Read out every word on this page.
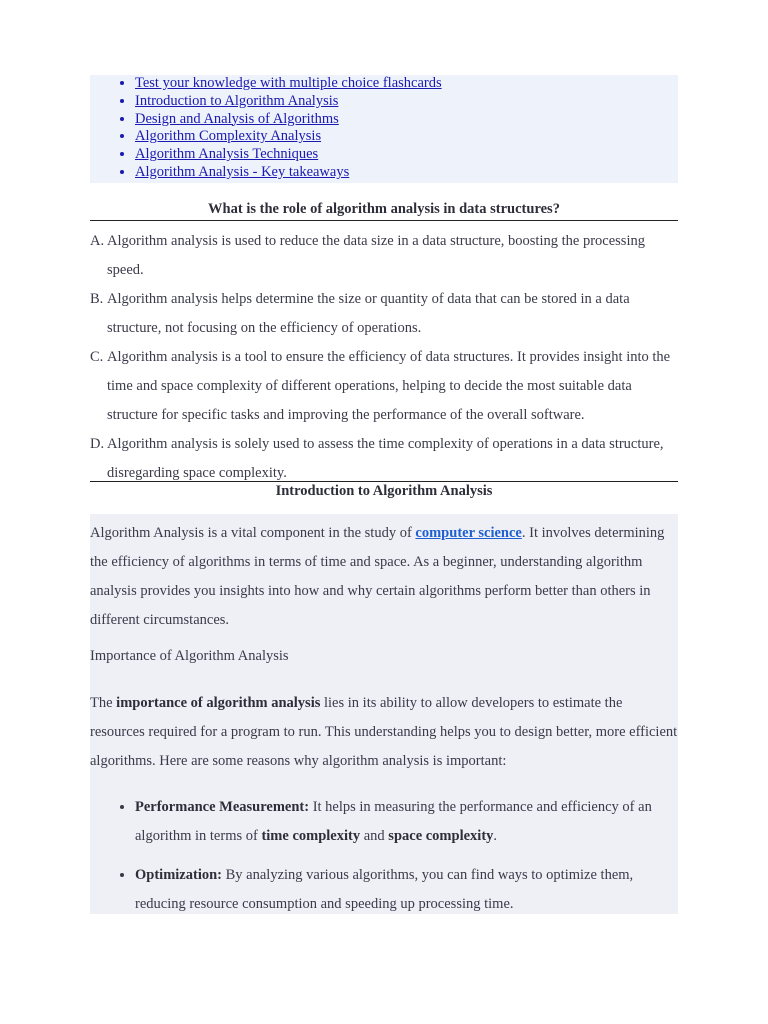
• Test your knowledge with multiple choice flashcards
• Introduction to Algorithm Analysis
• Design and Analysis of Algorithms
• Algorithm Complexity Analysis
• Algorithm Analysis Techniques
• Algorithm Analysis - Key takeaways
What is the role of algorithm analysis in data structures?
A. Algorithm analysis is used to reduce the data size in a data structure, boosting the processing speed.
B. Algorithm analysis helps determine the size or quantity of data that can be stored in a data structure, not focusing on the efficiency of operations.
C. Algorithm analysis is a tool to ensure the efficiency of data structures. It provides insight into the time and space complexity of different operations, helping to decide the most suitable data structure for specific tasks and improving the performance of the overall software.
D. Algorithm analysis is solely used to assess the time complexity of operations in a data structure, disregarding space complexity.
Introduction to Algorithm Analysis

Algorithm Analysis is a vital component in the study of computer science. It involves determining the efficiency of algorithms in terms of time and space. As a beginner, understanding algorithm analysis provides you insights into how and why certain algorithms perform better than others in different circumstances.

Importance of Algorithm Analysis

The importance of algorithm analysis lies in its ability to allow developers to estimate the resources required for a program to run. This understanding helps you to design better, more efficient algorithms. Here are some reasons why algorithm analysis is important:

• Performance Measurement: It helps in measuring the performance and efficiency of an algorithm in terms of time complexity and space complexity.
• Optimization: By analyzing various algorithms, you can find ways to optimize them, reducing resource consumption and speeding up processing time.
